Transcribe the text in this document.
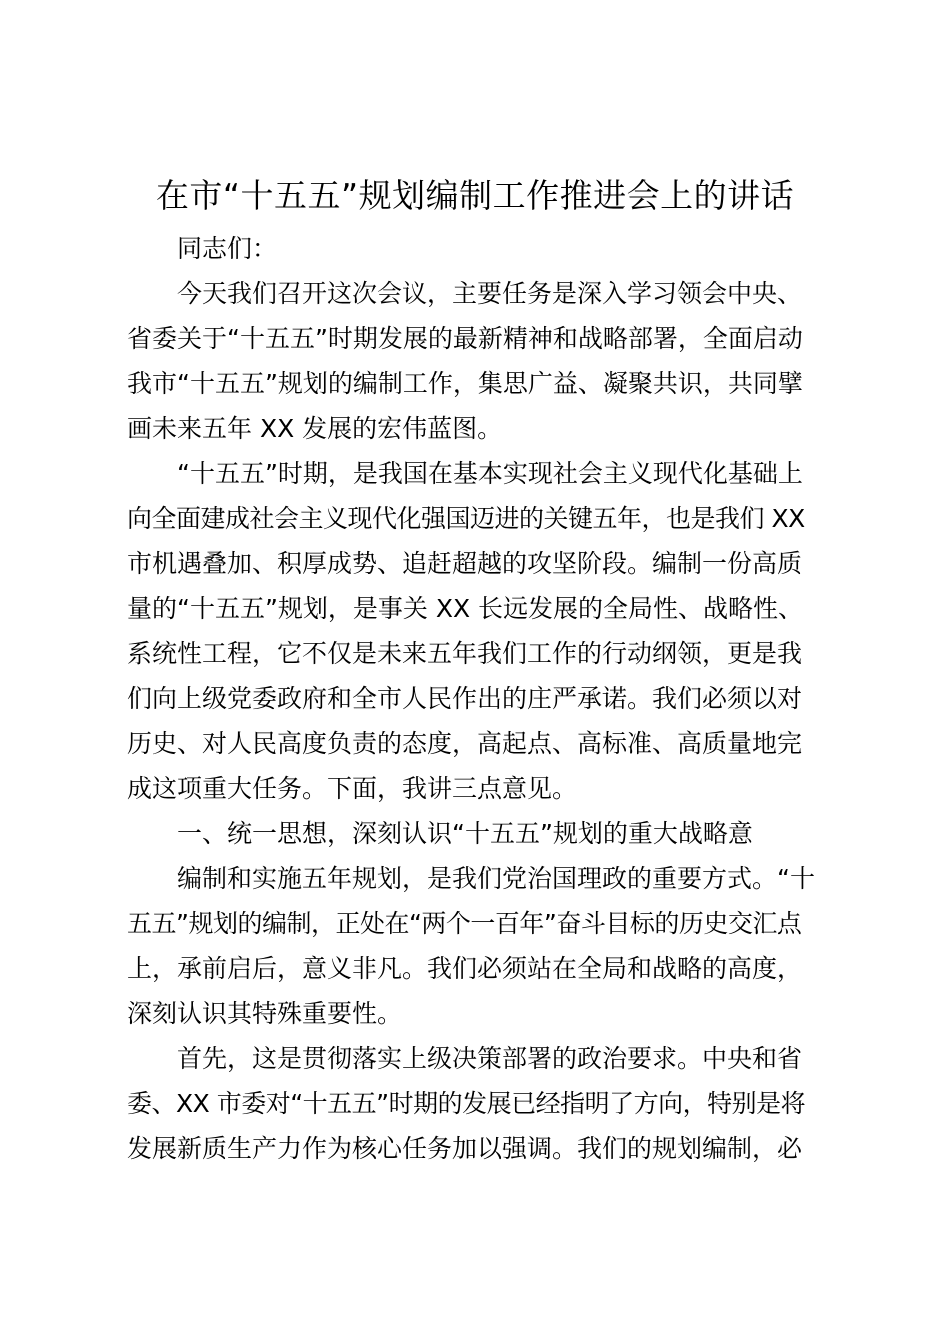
在市“十五五”规划编制工作推进会上的讲话
同志们：
今天我们召开这次会议，主要任务是深入学习领会中央、
省委关于“十五五”时期发展的最新精神和战略部署，全面启动
我市“十五五”规划的编制工作，集思广益、凝聚共识，共同擘
画未来五年 XX 发展的宏伟蓝图。
“十五五”时期，是我国在基本实现社会主义现代化基础上
向全面建成社会主义现代化强国迈进的关键五年，也是我们 XX
市机遇叠加、积厚成势、追赶超越的攻坚阶段。编制一份高质
量的“十五五”规划，是事关 XX 长远发展的全局性、战略性、
系统性工程，它不仅是未来五年我们工作的行动纲领，更是我
们向上级党委政府和全市人民作出的庄严承诺。我们必须以对
历史、对人民高度负责的态度，高起点、高标准、高质量地完
成这项重大任务。下面，我讲三点意见。
一、统一思想，深刻认识“十五五”规划的重大战略意
编制和实施五年规划，是我们党治国理政的重要方式。“十
五五”规划的编制，正处在“两个一百年”奋斗目标的历史交汇点
上，承前启后，意义非凡。我们必须站在全局和战略的高度，
深刻认识其特殊重要性。
首先，这是贯彻落实上级决策部署的政治要求。中央和省
委、XX 市委对“十五五”时期的发展已经指明了方向，特别是将
发展新质生产力作为核心任务加以强调。我们的规划编制，必
